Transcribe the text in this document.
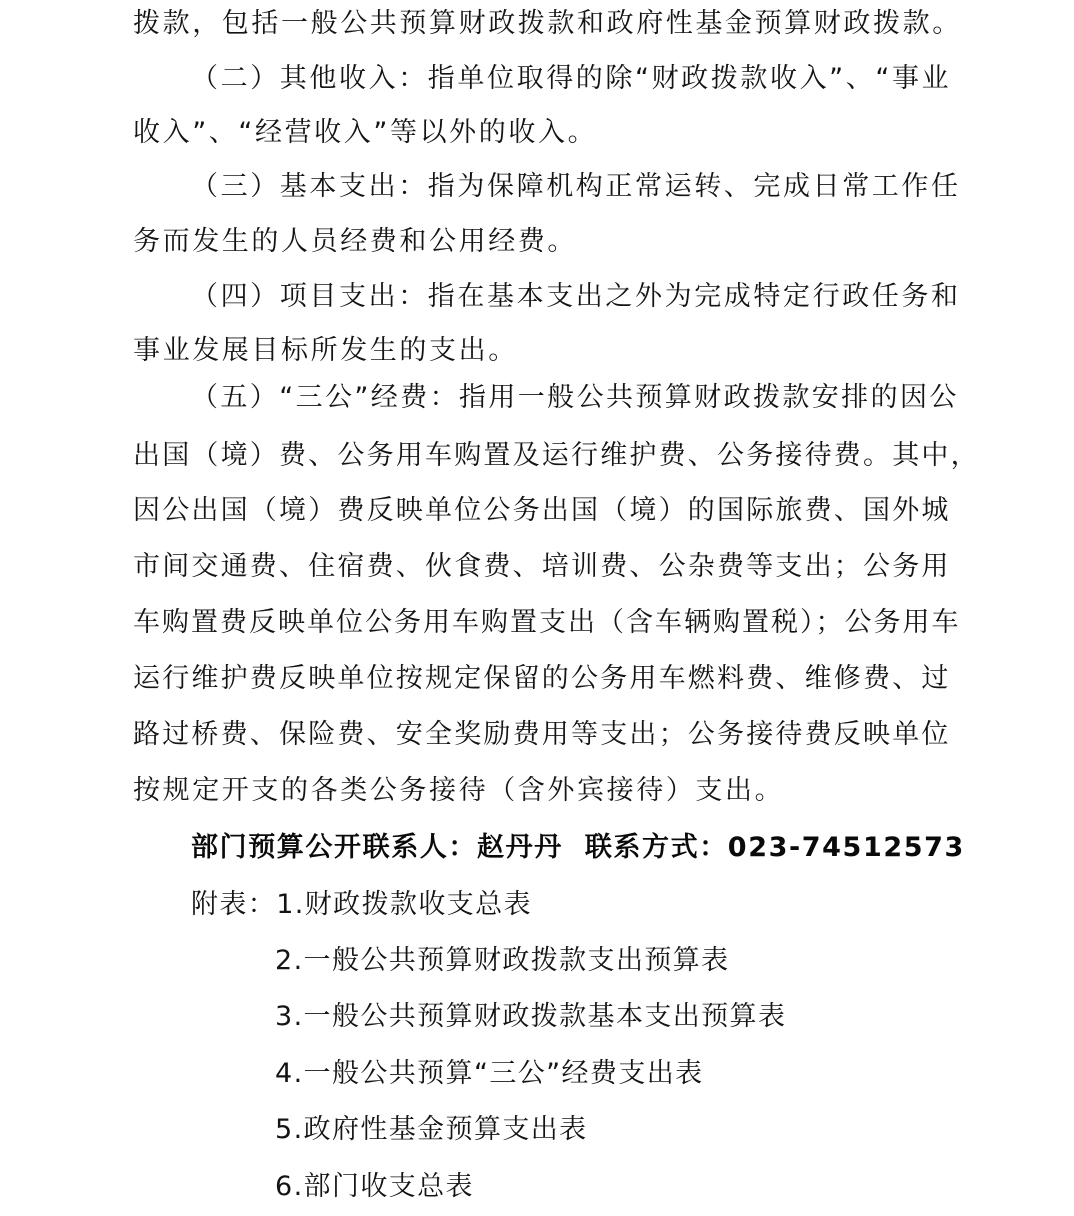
拨款，包括一般公共预算财政拨款和政府性基金预算财政拨款。
（二）其他收入：指单位取得的除“财政拨款收入”、“事业
收入”、“经营收入”等以外的收入。
（三）基本支出：指为保障机构正常运转、完成日常工作任
务而发生的人员经费和公用经费。
（四）项目支出：指在基本支出之外为完成特定行政任务和
事业发展目标所发生的支出。
（五）“三公”经费：指用一般公共预算财政拨款安排的因公
出国（境）费、公务用车购置及运行维护费、公务接待费。其中，
因公出国（境）费反映单位公务出国（境）的国际旅费、国外城
市间交通费、住宿费、伙食费、培训费、公杂费等支出；公务用
车购置费反映单位公务用车购置支出（含车辆购置税）；公务用车
运行维护费反映单位按规定保留的公务用车燃料费、维修费、过
路过桥费、保险费、安全奖励费用等支出；公务接待费反映单位
按规定开支的各类公务接待（含外宾接待）支出。
部门预算公开联系人：赵丹丹 联系方式：023-74512573
附表：1.财政拨款收支总表
2.一般公共预算财政拨款支出预算表
3.一般公共预算财政拨款基本支出预算表
4.一般公共预算“三公”经费支出表
5.政府性基金预算支出表
6.部门收支总表
